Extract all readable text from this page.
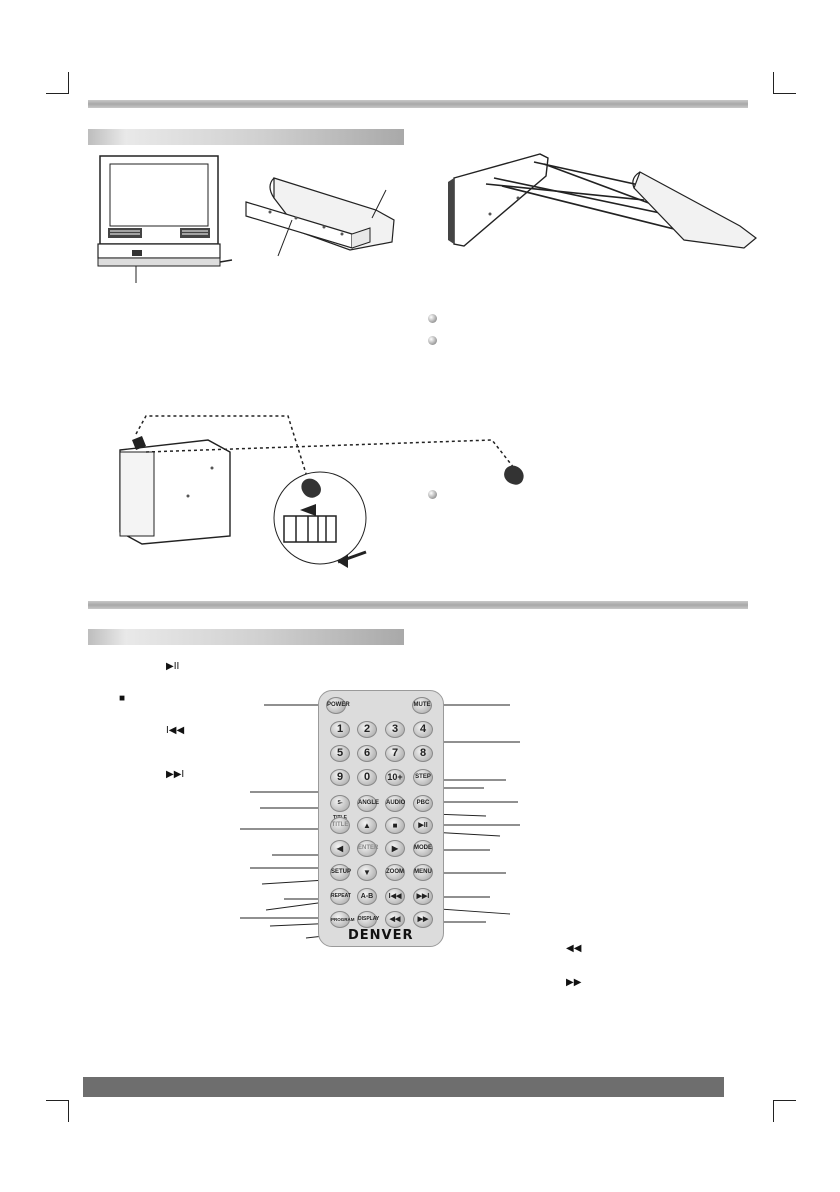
▶II
■
I◀◀
▶▶I
◀◀
▶▶
POWER	MUTE
1	2	3	4
5	6	7	8
9	0	10+	STEP
S-	ANGLE AUDIO	PBC
TITLE	▲	■	▶II
◀	ENTER	▶	MODE
SETUP	▼	ZOOM MENU
REPEAT	A-B	I◀◀	▶▶I
PROGRAM DISPLAY	◀◀	▶▶
DENVER
